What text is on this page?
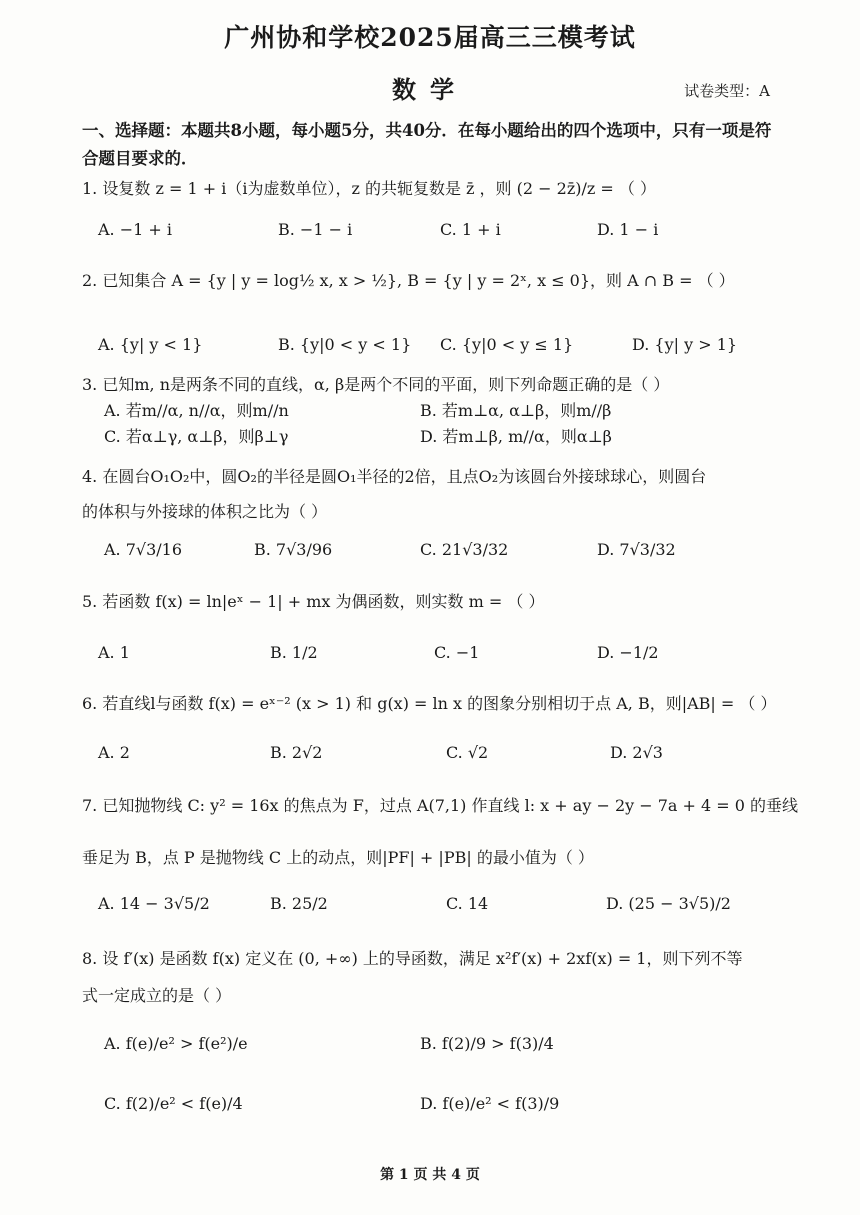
广州协和学校2025届高三三模考试
数学	试卷类型：A
一、选择题：本题共8小题，每小题5分，共40分．在每小题给出的四个选项中，只有一项是符合题目要求的．
1. 设复数 z = 1 + i（i为虚数单位），z 的共轭复数是 z̄ ，则 (2 − 2z̄)/z = （ ）
A. −1 + i	B. −1 − i	C. 1 + i	D. 1 − i
2. 已知集合 A = {y | y = log½ x, x > ½}, B = {y | y = 2ˣ, x ≤ 0}，则 A ∩ B = （ ）
A. {y| y < 1}	B. {y|0 < y < 1} C. {y|0 < y ≤ 1}	D. {y| y > 1}
3. 已知m, n是两条不同的直线，α, β是两个不同的平面，则下列命题正确的是（ ）
A. 若m//α, n//α，则m//n	B. 若m⊥α, α⊥β，则m//β
C. 若α⊥γ, α⊥β，则β⊥γ	D. 若m⊥β, m//α，则α⊥β
4. 在圆台O₁O₂中，圆O₂的半径是圆O₁半径的2倍，且点O₂为该圆台外接球球心，则圆台
的体积与外接球的体积之比为（ ）
A. 7√3/16	B. 7√3/96	C. 21√3/32	D. 7√3/32
5. 若函数 f(x) = ln|eˣ − 1| + mx 为偶函数，则实数 m = （ ）
A. 1	B. 1/2	C. −1	D. −1/2
6. 若直线l与函数 f(x) = eˣ⁻² (x > 1) 和 g(x) = ln x 的图象分别相切于点 A, B，则|AB| = （ ）
A. 2	B. 2√2	C. √2	D. 2√3
7. 已知抛物线 C: y² = 16x 的焦点为 F，过点 A(7,1) 作直线 l: x + ay − 2y − 7a + 4 = 0 的垂线
垂足为 B，点 P 是抛物线 C 上的动点，则|PF| + |PB| 的最小值为（ ）
A. 14 − 3√5/2	B. 25/2	C. 14	D. (25 − 3√5)/2
8. 设 f′(x) 是函数 f(x) 定义在 (0, +∞) 上的导函数，满足 x²f′(x) + 2xf(x) = 1，则下列不等
式一定成立的是（ ）
A. f(e)/e² > f(e²)/e	B. f(2)/9 > f(3)/4
C. f(2)/e² < f(e)/4	D. f(e)/e² < f(3)/9
第 1 页 共 4 页
